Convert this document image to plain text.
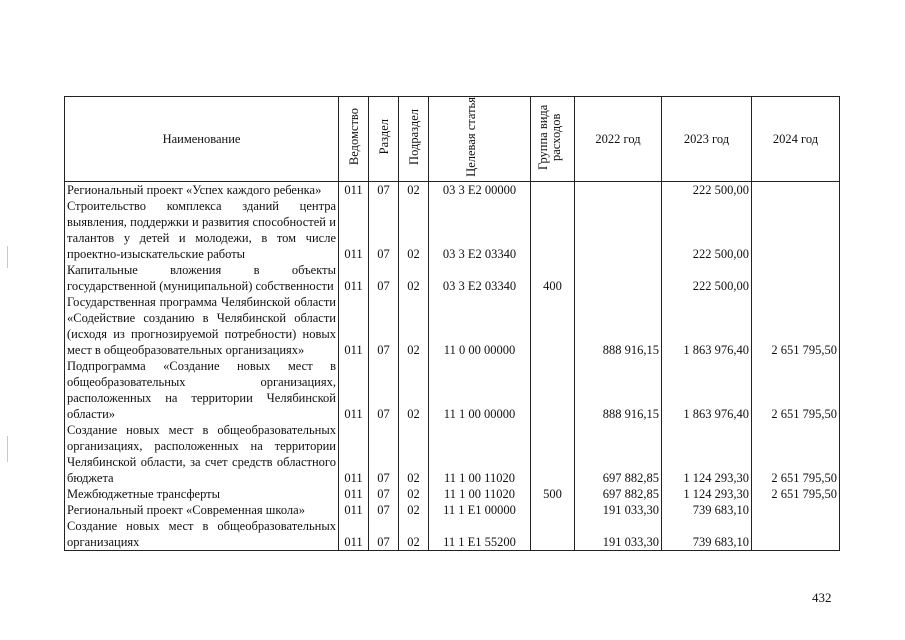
Наименование	Ведомство	Раздел	Подраздел	Целевая статья	Группа вида расходов	2022 год	2023 год	2024 год
Региональный проект «Успех каждого ребенка»	011	07	02	03 3 E2 00000			222 500,00	
Строительство комплекса зданий центра выявления, поддержки и развития способностей и талантов у детей и молодежи, в том числе проектно-изыскательские работы	011	07	02	03 3 E2 03340			222 500,00	
Капитальные вложения в объекты государственной (муниципальной) собственности	011	07	02	03 3 E2 03340	400		222 500,00	
Государственная программа Челябинской области «Содействие созданию в Челябинской области (исходя из прогнозируемой потребности) новых мест в общеобразовательных организациях»	011	07	02	11 0 00 00000		888 916,15	1 863 976,40	2 651 795,50
Подпрограмма «Создание новых мест в общеобразовательных организациях, расположенных на территории Челябинской области»	011	07	02	11 1 00 00000		888 916,15	1 863 976,40	2 651 795,50
Создание новых мест в общеобразовательных организациях, расположенных на территории Челябинской области, за счет средств областного бюджета	011	07	02	11 1 00 11020		697 882,85	1 124 293,30	2 651 795,50
Межбюджетные трансферты	011	07	02	11 1 00 11020	500	697 882,85	1 124 293,30	2 651 795,50
Региональный проект «Современная школа»	011	07	02	11 1 E1 00000		191 033,30	739 683,10	
Создание новых мест в общеобразовательных организациях	011	07	02	11 1 E1 55200		191 033,30	739 683,10	
432
